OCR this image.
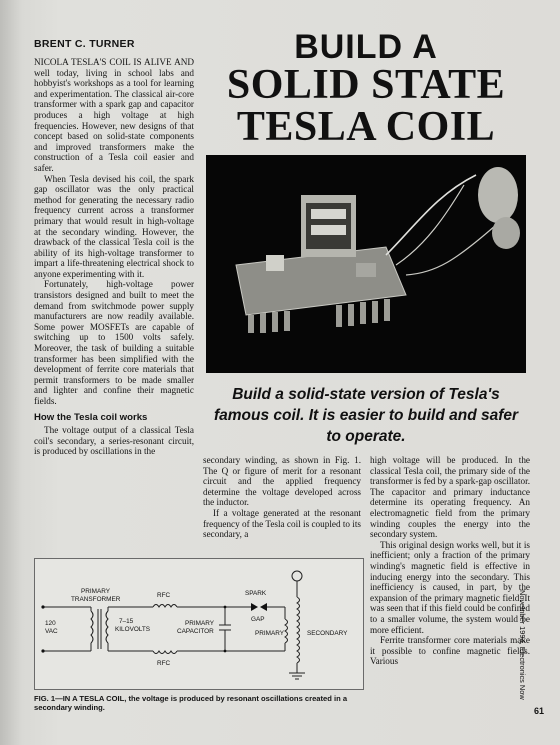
BRENT C. TURNER	BUILD A
SOLID STATE
TESLA COIL

NICOLA TESLA'S COIL IS ALIVE AND well today, living in school labs and hobbyist's workshops as a tool for learning and experimentation. The classical air-core transformer with a spark gap and capacitor produces a high voltage at high frequencies. However, new designs of that concept based on solid-state components and improved transformers make the construction of a Tesla coil easier and safer.

When Tesla devised his coil, the spark gap oscillator was the only practical method for generating the necessary radio frequency current across a transformer primary that would result in high-voltage at the secondary winding. However, the drawback of the classical Tesla coil is the ability of its high-voltage transformer to impart a life-threatening electrical shock to anyone experimenting with it.

Fortunately, high-voltage power transistors designed and built to meet the demand from switchmode power supply manufacturers are now readily available. Some power MOSFETs are capable of switching up to 1500 volts safely. Moreover, the task of building a suitable transformer has been simplified with the development of ferrite core materials that permit transformers to be made smaller and lighter and confine their magnetic fields.

How the Tesla coil works

The voltage output of a classical Tesla coil's secondary, a series-resonant circuit, is produced by oscillations in the

Build a solid-state version of Tesla's famous coil. It is easier to build and safer to operate.

secondary winding, as shown in Fig. 1. The Q or figure of merit for a resonant circuit and the applied frequency determine the voltage developed across the inductor.

If a voltage generated at the resonant frequency of the Tesla coil is coupled to its secondary, a

high voltage will be produced. In the classical Tesla coil, the primary side of the transformer is fed by a spark-gap oscillator. The capacitor and primary inductance determine its operating frequency. An electromagnetic field from the primary winding couples the energy into the secondary system.

This original design works well, but it is inefficient; only a fraction of the primary winding's magnetic field is effective in inducing energy into the secondary. This inefficiency is caused, in part, by the expansion of the primary magnetic field. It was seen that if this field could be confined to a smaller volume, the system would be more efficient.

Ferrite transformer core materials make it possible to confine magnetic fields. Various

PRIMARY
TRANSFORMER
RFC
RFC
120
VAC
7–15
KILOVOLTS
PRIMARY
CAPACITOR
SPARK
GAP
PRIMARY	SECONDARY
FIG. 1—IN A TESLA COIL, the voltage is produced by resonant oscillations created in a secondary winding.
November 1994, Electronics Now
61
